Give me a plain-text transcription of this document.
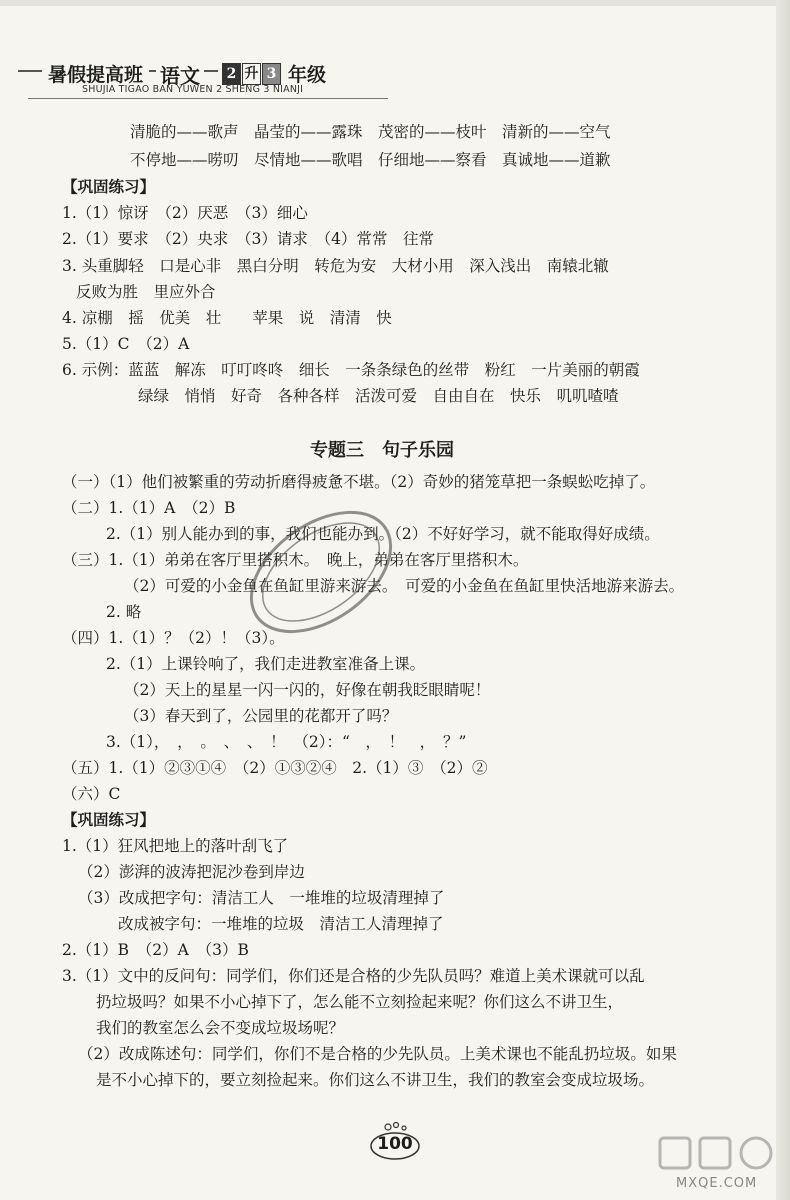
暑假提高班 语文	2 升 3 年级
SHUJIA TIGAO BAN YUWEN 2 SHENG 3 NIANJI
清脆的——歌声　晶莹的——露珠　茂密的——枝叶　清新的——空气
不停地——唠叨　尽情地——歌唱　仔细地——察看　真诚地——道歉
【巩固练习】
1.（1）惊讶　（2）厌恶　（3）细心
2.（1）要求　（2）央求　（3）请求　（4）常常　往常
3. 头重脚轻　口是心非　黑白分明　转危为安　大材小用　深入浅出　南辕北辙
反败为胜　里应外合
4. 凉棚　摇　优美　壮　　苹果　说　清清　快
5.（1）C　（2）A
6. 示例：蓝蓝　解冻　叮叮咚咚　细长　一条条绿色的丝带　粉红　一片美丽的朝霞
绿绿　悄悄　好奇　各种各样　活泼可爱　自由自在　快乐　叽叽喳喳
专题三　句子乐园
（一）（1）他们被繁重的劳动折磨得疲惫不堪。（2）奇妙的猪笼草把一条蜈蚣吃掉了。
（二）1.（1）A　（2）B
2.（1）别人能办到的事，我们也能办到。（2）不好好学习，就不能取得好成绩。
（三）1.（1）弟弟在客厅里搭积木。　晚上，弟弟在客厅里搭积木。
（2）可爱的小金鱼在鱼缸里游来游去。　可爱的小金鱼在鱼缸里快活地游来游去。
2. 略
（四）1.（1）？（2）！（3）。
2.（1）上课铃响了，我们走进教室准备上课。
（2）天上的星星一闪一闪的，好像在朝我眨眼睛呢！
（3）春天到了，公园里的花都开了吗？
3.（1），　，　。　、　、　！　（2）：“　，　！　，　？”
（五）1.（1）②③①④　（2）①③②④　2.（1）③　（2）②
（六）C
【巩固练习】
1.（1）狂风把地上的落叶刮飞了
（2）澎湃的波涛把泥沙卷到岸边
（3）改成把字句：清洁工人　一堆堆的垃圾清理掉了
改成被字句：一堆堆的垃圾　清洁工人清理掉了
2.（1）B　（2）A　（3）B
3.（1）文中的反问句：同学们，你们还是合格的少先队员吗？难道上美术课就可以乱
扔垃圾吗？如果不小心掉下了，怎么能不立刻捡起来呢？你们这么不讲卫生，
我们的教室怎么会不变成垃圾场呢？
（2）改成陈述句：同学们，你们不是合格的少先队员。上美术课也不能乱扔垃圾。如果
是不小心掉下的，要立刻捡起来。你们这么不讲卫生，我们的教室会变成垃圾场。
100
MXQE.COM
